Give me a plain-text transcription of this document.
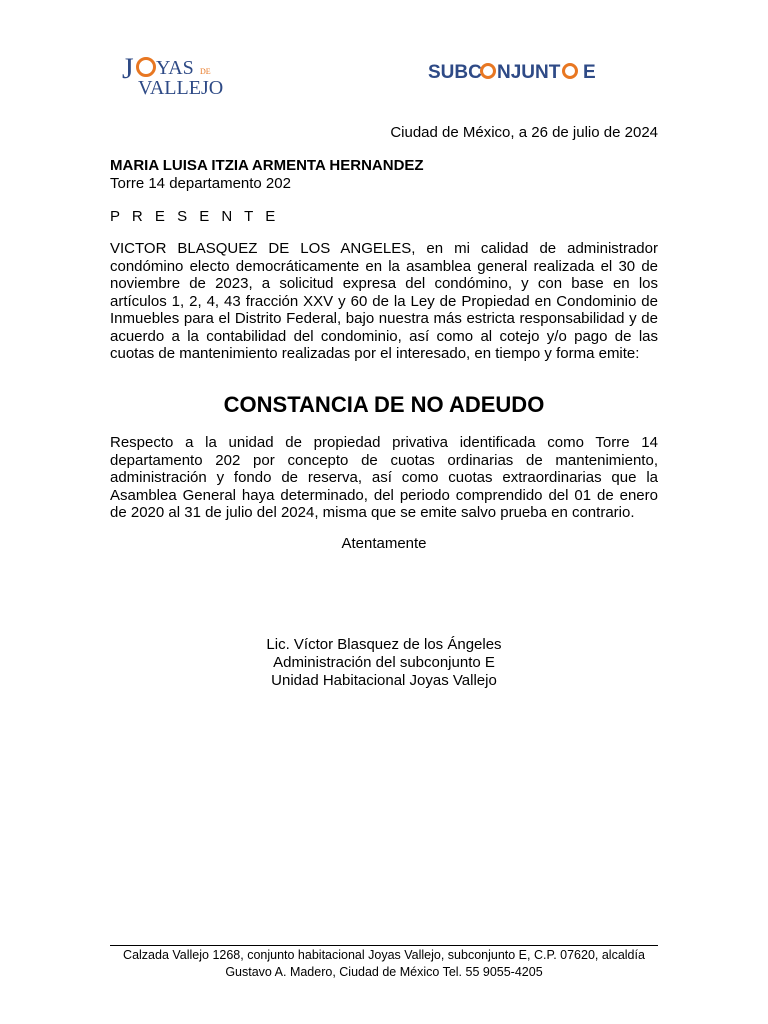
J YAS DE
VALLEJO
SUBC NJUNT E
Ciudad de México, a 26 de julio de 2024
MARIA LUISA ITZIA ARMENTA HERNANDEZ
Torre 14 departamento 202
P R E S E N T E

VICTOR BLASQUEZ DE LOS ANGELES, en mi calidad de administrador condómino electo democráticamente en la asamblea general realizada el 30 de noviembre de 2023, a solicitud expresa del condómino, y con base en los artículos 1, 2, 4, 43 fracción XXV y 60 de la Ley de Propiedad en Condominio de Inmuebles para el Distrito Federal, bajo nuestra más estricta responsabilidad y de acuerdo a la contabilidad del condominio, así como al cotejo y/o pago de las cuotas de mantenimiento realizadas por el interesado, en tiempo y forma emite:

CONSTANCIA DE NO ADEUDO

Respecto a la unidad de propiedad privativa identificada como Torre 14 departamento 202 por concepto de cuotas ordinarias de mantenimiento, administración y fondo de reserva, así como cuotas extraordinarias que la Asamblea General haya determinado, del periodo comprendido del 01 de enero de 2020 al 31 de julio del 2024, misma que se emite salvo prueba en contrario.

Atentamente
Lic. Víctor Blasquez de los Ángeles
Administración del subconjunto E
Unidad Habitacional Joyas Vallejo
Calzada Vallejo 1268, conjunto habitacional Joyas Vallejo, subconjunto E, C.P. 07620, alcaldía
Gustavo A. Madero, Ciudad de México Tel. 55 9055-4205
